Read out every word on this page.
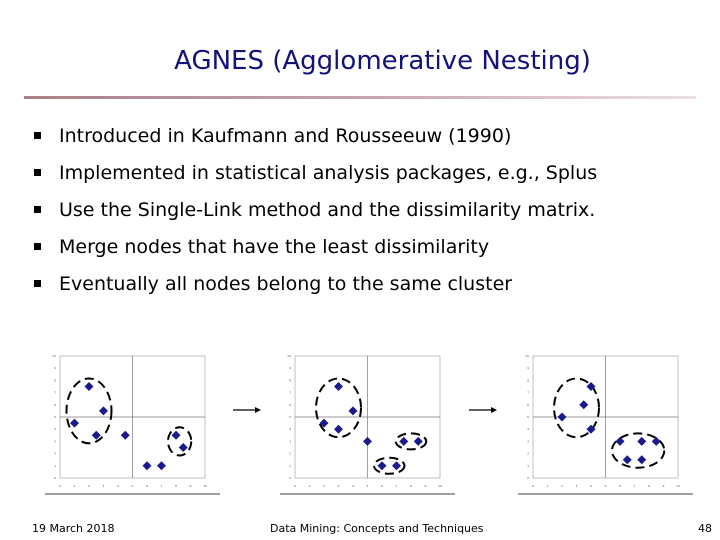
AGNES (Agglomerative Nesting)
Introduced in Kaufmann and Rousseeuw (1990)
Implemented in statistical analysis packages, e.g., Splus
Use the Single-Link method and the dissimilarity matrix.
Merge nodes that have the least dissimilarity
Eventually all nodes belong to the same cluster
0	1	2	3	4	5	6	7	8	9	10
0
1
2
3
4
5
6
7
8
9
10
0	1	2	3	4	5	6	7	8	9	10
0
1
2
3
4
5
6
7
8
9
10
0	1	2	3	4	5	6	7	8	9	10
0
1
2
3
4
5
6
7
8
9
10
19 March 2018	Data Mining: Concepts and Techniques	48
